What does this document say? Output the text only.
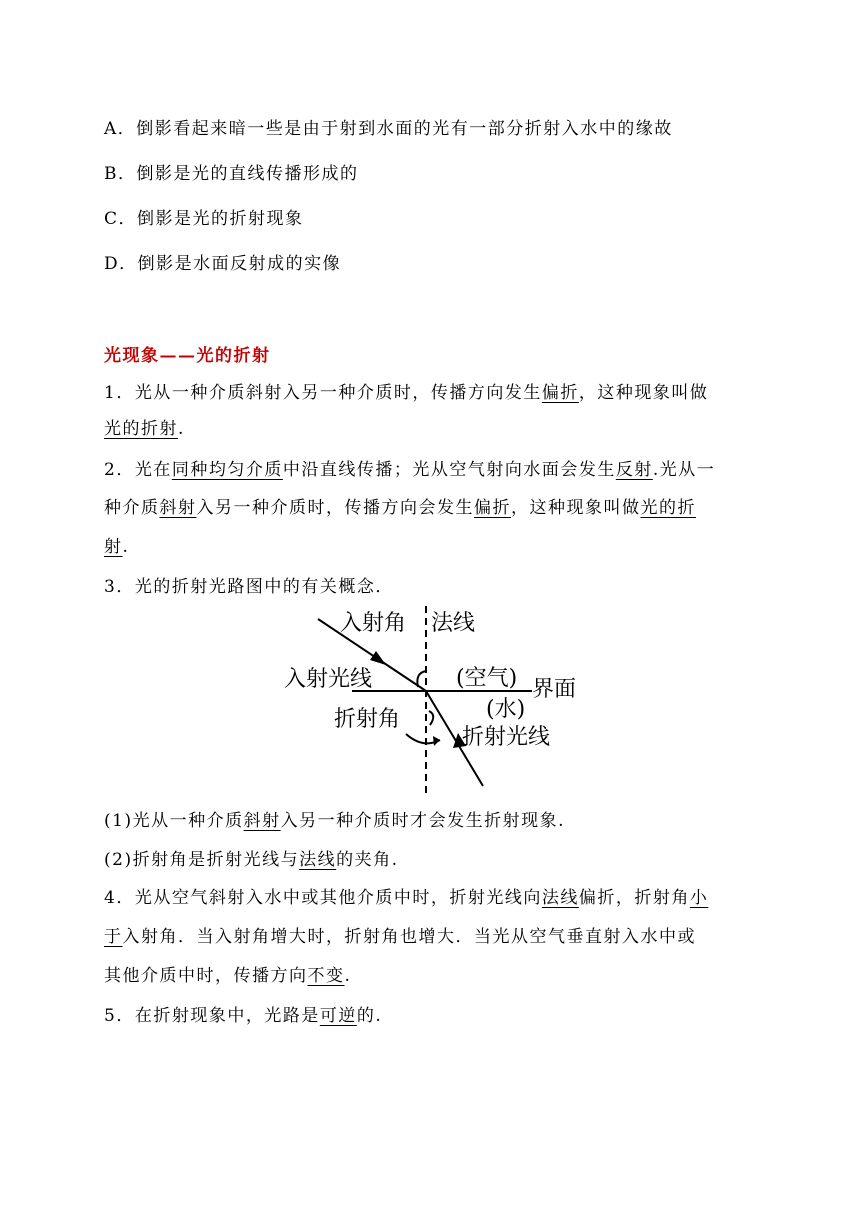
A．倒影看起来暗一些是由于射到水面的光有一部分折射入水中的缘故
B．倒影是光的直线传播形成的
C．倒影是光的折射现象
D．倒影是水面反射成的实像
光现象——光的折射
1．光从一种介质斜射入另一种介质时，传播方向发生偏折，这种现象叫做
光的折射.
2．光在同种均匀介质中沿直线传播；光从空气射向水面会发生反射.光从一
种介质斜射入另一种介质时，传播方向会发生偏折，这种现象叫做光的折
射.
3．光的折射光路图中的有关概念．
入射角 法线
入射光线	(空气) 界面
(水)
折射角
折射光线
(1)光从一种介质斜射入另一种介质时才会发生折射现象.
(2)折射角是折射光线与法线的夹角.
4．光从空气斜射入水中或其他介质中时，折射光线向法线偏折，折射角小
于入射角．当入射角增大时，折射角也增大．当光从空气垂直射入水中或
其他介质中时，传播方向不变.
5．在折射现象中，光路是可逆的.
